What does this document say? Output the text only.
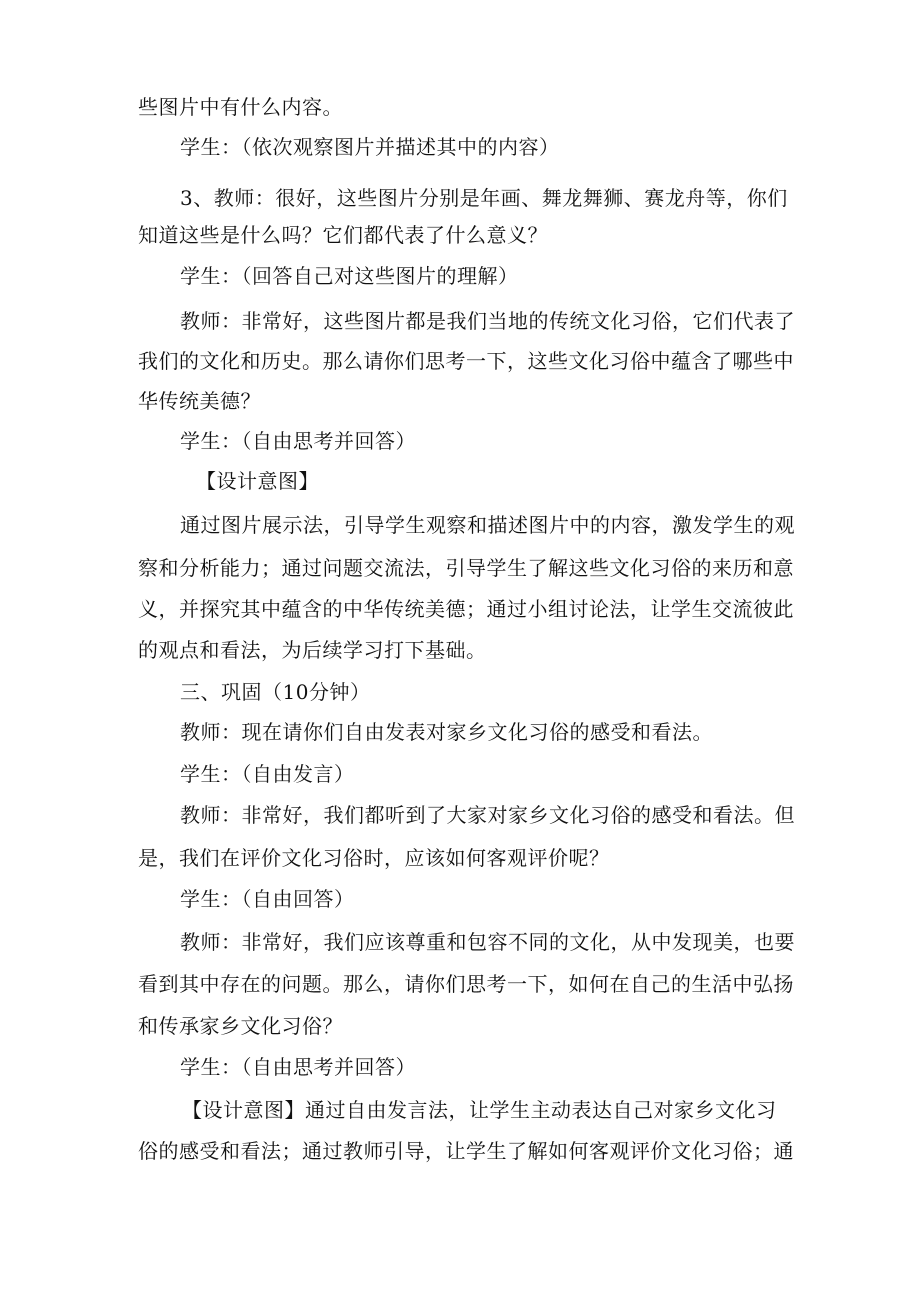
些图片中有什么内容。

学生：（依次观察图片并描述其中的内容）

3、教师：很好，这些图片分别是年画、舞龙舞狮、赛龙舟等，你们

知道这些是什么吗？它们都代表了什么意义？

学生：（回答自己对这些图片的理解）

教师：非常好，这些图片都是我们当地的传统文化习俗，它们代表了

我们的文化和历史。那么请你们思考一下，这些文化习俗中蕴含了哪些中

华传统美德？

学生：（自由思考并回答）

【设计意图】

通过图片展示法，引导学生观察和描述图片中的内容，激发学生的观

察和分析能力；通过问题交流法，引导学生了解这些文化习俗的来历和意

义，并探究其中蕴含的中华传统美德；通过小组讨论法，让学生交流彼此

的观点和看法，为后续学习打下基础。

三、巩固（10分钟）

教师：现在请你们自由发表对家乡文化习俗的感受和看法。

学生：（自由发言）

教师：非常好，我们都听到了大家对家乡文化习俗的感受和看法。但

是，我们在评价文化习俗时，应该如何客观评价呢？

学生：（自由回答）

教师：非常好，我们应该尊重和包容不同的文化，从中发现美，也要

看到其中存在的问题。那么，请你们思考一下，如何在自己的生活中弘扬

和传承家乡文化习俗？

学生：（自由思考并回答）

【设计意图】通过自由发言法，让学生主动表达自己对家乡文化习

俗的感受和看法；通过教师引导，让学生了解如何客观评价文化习俗；通
